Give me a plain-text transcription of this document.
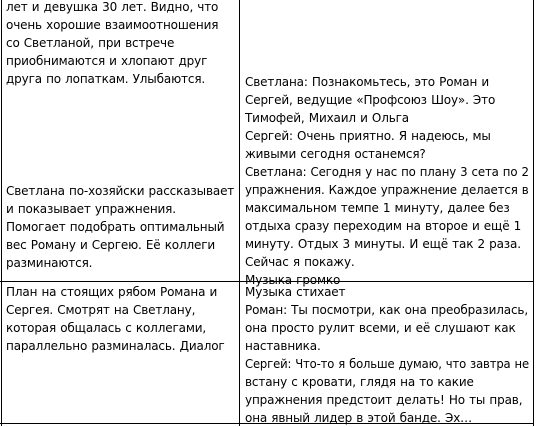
лет и девушка 30 лет. Видно, что
очень хорошие взаимоотношения
со Светланой, при встрече
приобнимаются и хлопают друг
друга по лопаткам. Улыбаются.
Светлана по-хозяйски рассказывает
и показывает упражнения.
Помогает подобрать оптимальный
вес Роману и Сергею. Её коллеги
разминаются.
Светлана: Познакомьтесь, это Роман и
Сергей, ведущие «Профсоюз Шоу». Это
Тимофей, Михаил и Ольга
Сергей: Очень приятно. Я надеюсь, мы
живыми сегодня останемся?
Светлана: Сегодня у нас по плану 3 сета по 2
упражнения. Каждое упражнение делается в
максимальном темпе 1 минуту, далее без
отдыха сразу переходим на второе и ещё 1
минуту. Отдых 3 минуты. И ещё так 2 раза.
Сейчас я покажу.
Музыка громко
План на стоящих рябом Романа и
Сергея. Смотрят на Светлану,
которая общалась с коллегами,
параллельно разминалась. Диалог
Музыка стихает
Роман: Ты посмотри, как она преобразилась,
она просто рулит всеми, и её слушают как
наставника.
Сергей: Что-то я больше думаю, что завтра не
встану с кровати, глядя на то какие
упражнения предстоит делать! Но ты прав,
она явный лидер в этой банде. Эх…
